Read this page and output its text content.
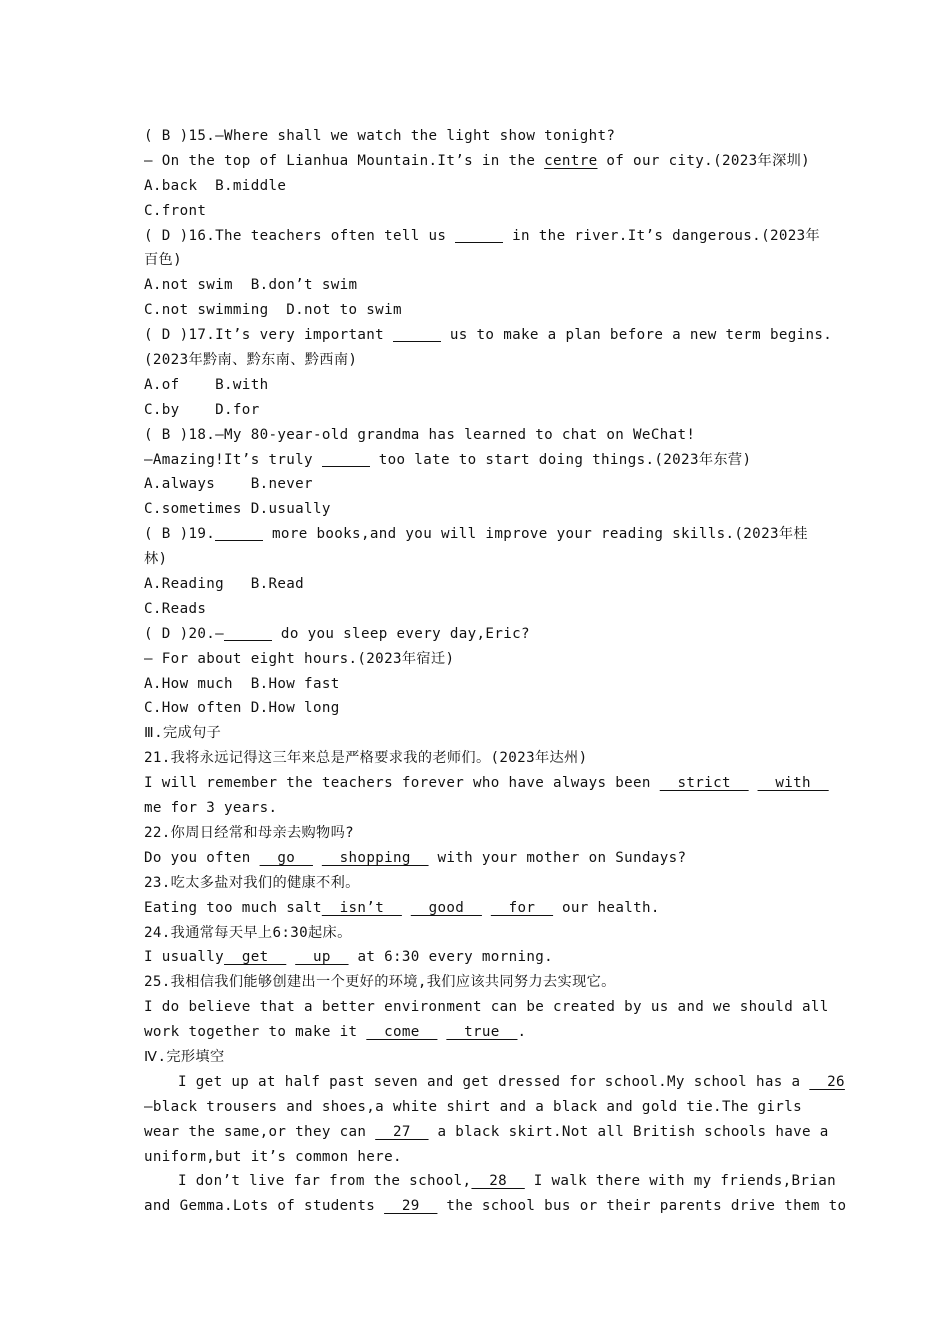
( B )15.—Where shall we watch the light show tonight?
— On the top of Lianhua Mountain.It’s in the centre of our city.(2023年深圳)
A.back  B.middle
C.front
( D )16.The teachers often tell us	in the river.It’s dangerous.(2023年
百色)
A.not swim  B.don’t swim
C.not swimming  D.not to swim
( D )17.It’s very important	us to make a plan before a new term begins.
(2023年黔南、黔东南、黔西南)
A.of    B.with
C.by    D.for
( B )18.—My 80-year-old grandma has learned to chat on WeChat!
—Amazing!It’s truly	too late to start doing things.(2023年东营)
A.always    B.never
C.sometimes D.usually
( B )19.	more books,and you will improve your reading skills.(2023年桂
林)
A.Reading   B.Read
C.Reads
( D )20.—	do you sleep every day,Eric?
— For about eight hours.(2023年宿迁)
A.How much  B.How fast
C.How often D.How long
Ⅲ.完成句子
21.我将永远记得这三年来总是严格要求我的老师们。(2023年达州)
I will remember the teachers forever who have always been   strict     with
me for 3 years.
22.你周日经常和母亲去购物吗?
Do you often   go     shopping   with your mother on Sundays?
23.吃太多盐对我们的健康不利。
Eating too much salt  isn’t     good     for   our health.
24.我通常每天早上6:30起床。
I usually  get     up   at 6:30 every morning.
25.我相信我们能够创建出一个更好的环境,我们应该共同努力去实现它。
I do believe that a better environment can be created by us and we should all
work together to make it   come     true  .
Ⅳ.完形填空
I get up at half past seven and get dressed for school.My school has a   26
—black trousers and shoes,a white shirt and a black and gold tie.The girls
wear the same,or they can   27   a black skirt.Not all British schools have a
uniform,but it’s common here.
I don’t live far from the school,  28   I walk there with my friends,Brian
and Gemma.Lots of students   29   the school bus or their parents drive them to
